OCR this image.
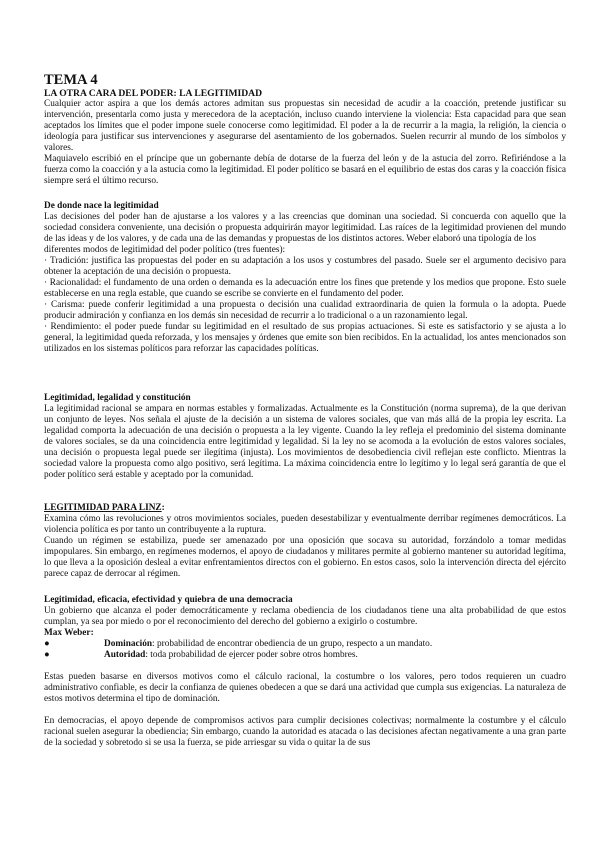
TEMA 4
LA OTRA CARA DEL PODER: LA LEGITIMIDAD

Cualquier actor aspira a que los demás actores admitan sus propuestas sin necesidad de acudir a la coacción, pretende justificar su intervención, presentarla como justa y merecedora de la aceptación, incluso cuando interviene la violencia: Esta capacidad para que sean aceptados los límites que el poder impone suele conocerse como legitimidad. El poder a la de recurrir a la magia, la religión, la ciencia o ideología para justificar sus intervenciones y asegurarse del asentamiento de los gobernados. Suelen recurrir al mundo de los símbolos y valores.

Maquiavelo escribió en el príncipe que un gobernante debía de dotarse de la fuerza del león y de la astucia del zorro. Refiriéndose a la fuerza como la coacción y a la astucia como la legitimidad. El poder político se basará en el equilibrio de estas dos caras y la coacción física siempre será el último recurso.

De donde nace la legitimidad

Las decisiones del poder han de ajustarse a los valores y a las creencias que dominan una sociedad. Si concuerda con aquello que la sociedad considera conveniente, una decisión o propuesta adquirirán mayor legitimidad. Las raíces de la legitimidad provienen del mundo de las ideas y de los valores, y de cada una de las demandas y propuestas de los distintos actores. Weber elaboró una tipología de los

diferentes modos de legitimidad del poder político (tres fuentes):

· Tradición: justifica las propuestas del poder en su adaptación a los usos y costumbres del pasado. Suele ser el argumento decisivo para obtener la aceptación de una decisión o propuesta.

· Racionalidad: el fundamento de una orden o demanda es la adecuación entre los fines que pretende y los medios que propone. Esto suele establecerse en una regla estable, que cuando se escribe se convierte en el fundamento del poder.

· Carisma: puede conferir legitimidad a una propuesta o decisión una cualidad extraordinaria de quien la formula o la adopta. Puede producir admiración y confianza en los demás sin necesidad de recurrir a lo tradicional o a un razonamiento legal.

· Rendimiento: el poder puede fundar su legitimidad en el resultado de sus propias actuaciones. Si este es satisfactorio y se ajusta a lo general, la legitimidad queda reforzada, y los mensajes y órdenes que emite son bien recibidos. En la actualidad, los antes mencionados son utilizados en los sistemas políticos para reforzar las capacidades políticas.

Legitimidad, legalidad y constitución

La legitimidad racional se ampara en normas estables y formalizadas. Actualmente es la Constitución (norma suprema), de la que derivan un conjunto de leyes. Nos señala el ajuste de la decisión a un sistema de valores sociales, que van más allá de la propia ley escrita. La legalidad comporta la adecuación de una decisión o propuesta a la ley vigente. Cuando la ley refleja el predominio del sistema dominante de valores sociales, se da una coincidencia entre legitimidad y legalidad. Si la ley no se acomoda a la evolución de estos valores sociales, una decisión o propuesta legal puede ser ilegítima (injusta). Los movimientos de desobediencia civil reflejan este conflicto. Mientras la sociedad valore la propuesta como algo positivo, será legítima. La máxima coincidencia entre lo legítimo y lo legal será garantía de que el poder político será estable y aceptado por la comunidad.

LEGITIMIDAD PARA LINZ:

Examina cómo las revoluciones y otros movimientos sociales, pueden desestabilizar y eventualmente derribar regímenes democráticos. La violencia política es por tanto un contribuyente a la ruptura.

Cuando un régimen se estabiliza, puede ser amenazado por una oposición que socava su autoridad, forzándolo a tomar medidas impopulares. Sin embargo, en regímenes modernos, el apoyo de ciudadanos y militares permite al gobierno mantener su autoridad legítima, lo que lleva a la oposición desleal a evitar enfrentamientos directos con el gobierno. En estos casos, solo la intervención directa del ejército parece capaz de derrocar al régimen.

Legitimidad, eficacia, efectividad y quiebra de una democracia

Un gobierno que alcanza el poder democráticamente y reclama obediencia de los ciudadanos tiene una alta probabilidad de que estos cumplan, ya sea por miedo o por el reconocimiento del derecho del gobierno a exigirlo o costumbre.

Max Weber:

●	Dominación: probabilidad de encontrar obediencia de un grupo, respecto a un mandato.
●	Autoridad: toda probabilidad de ejercer poder sobre otros hombres.

Estas pueden basarse en diversos motivos como el cálculo racional, la costumbre o los valores, pero todos requieren un cuadro administrativo confiable, es decir la confianza de quienes obedecen a que se dará una actividad que cumpla sus exigencias. La naturaleza de estos motivos determina el tipo de dominación.

En democracias, el apoyo depende de compromisos activos para cumplir decisiones colectivas; normalmente la costumbre y el cálculo racional suelen asegurar la obediencia; Sin embargo, cuando la autoridad es atacada o las decisiones afectan negativamente a una gran parte de la sociedad y sobretodo si se usa la fuerza, se pide arriesgar su vida o quitar la de sus
